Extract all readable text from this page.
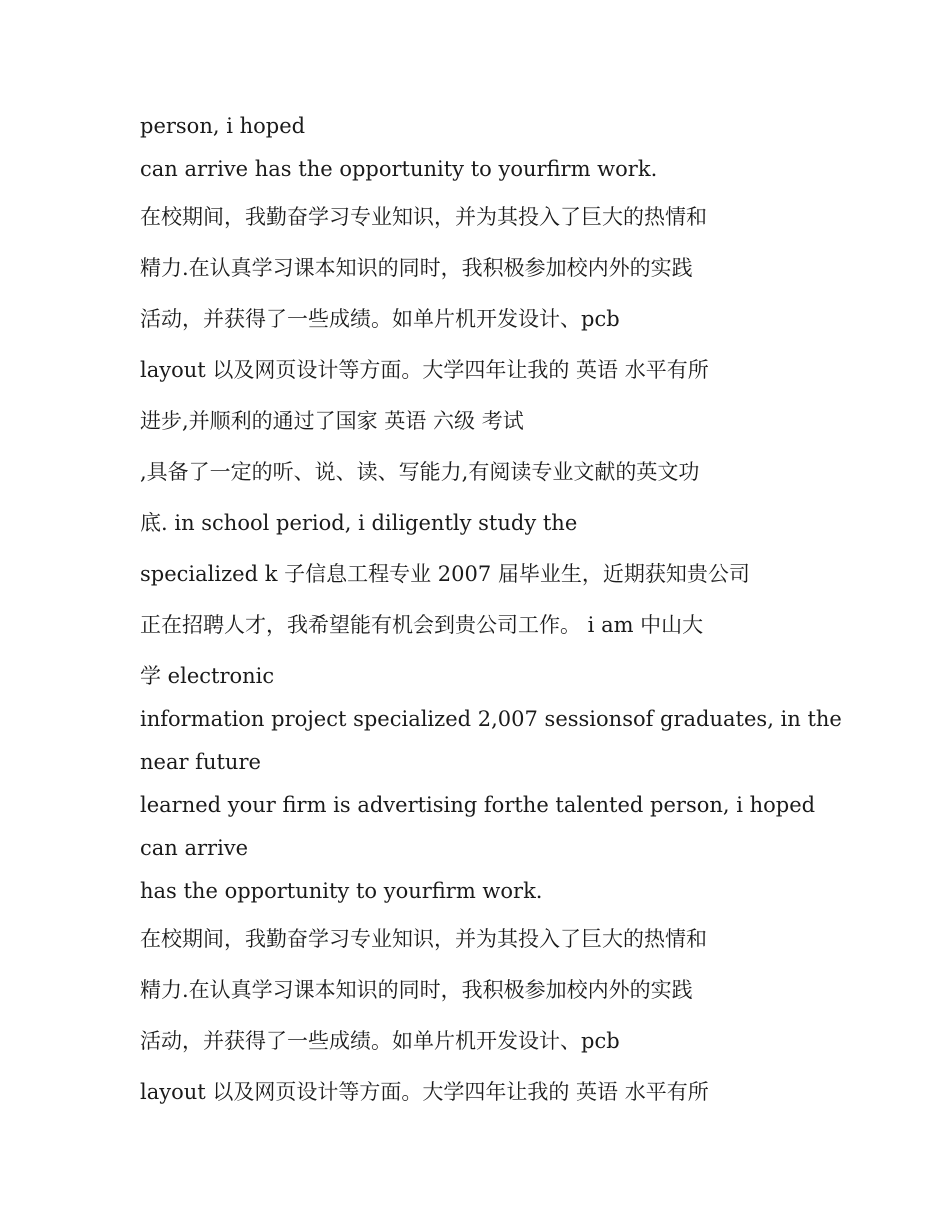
person, i hoped
can arrive has the opportunity to yourfirm work.
在校期间，我勤奋学习专业知识，并为其投入了巨大的热情和
精力.在认真学习课本知识的同时，我积极参加校内外的实践
活动，并获得了一些成绩。如单片机开发设计、pcb
layout 以及网页设计等方面。大学四年让我的 英语 水平有所
进步,并顺利的通过了国家 英语 六级 考试
,具备了一定的听、说、读、写能力,有阅读专业文献的英文功
底. in school period, i diligently study the
specialized k 子信息工程专业 2007 届毕业生，近期获知贵公司
正在招聘人才，我希望能有机会到贵公司工作。 i am 中山大
学 electronic
information project specialized 2,007 sessionsof graduates, in the
near future
learned your firm is advertising forthe talented person, i hoped
can arrive
has the opportunity to yourfirm work.
在校期间，我勤奋学习专业知识，并为其投入了巨大的热情和
精力.在认真学习课本知识的同时，我积极参加校内外的实践
活动，并获得了一些成绩。如单片机开发设计、pcb
layout 以及网页设计等方面。大学四年让我的 英语 水平有所
